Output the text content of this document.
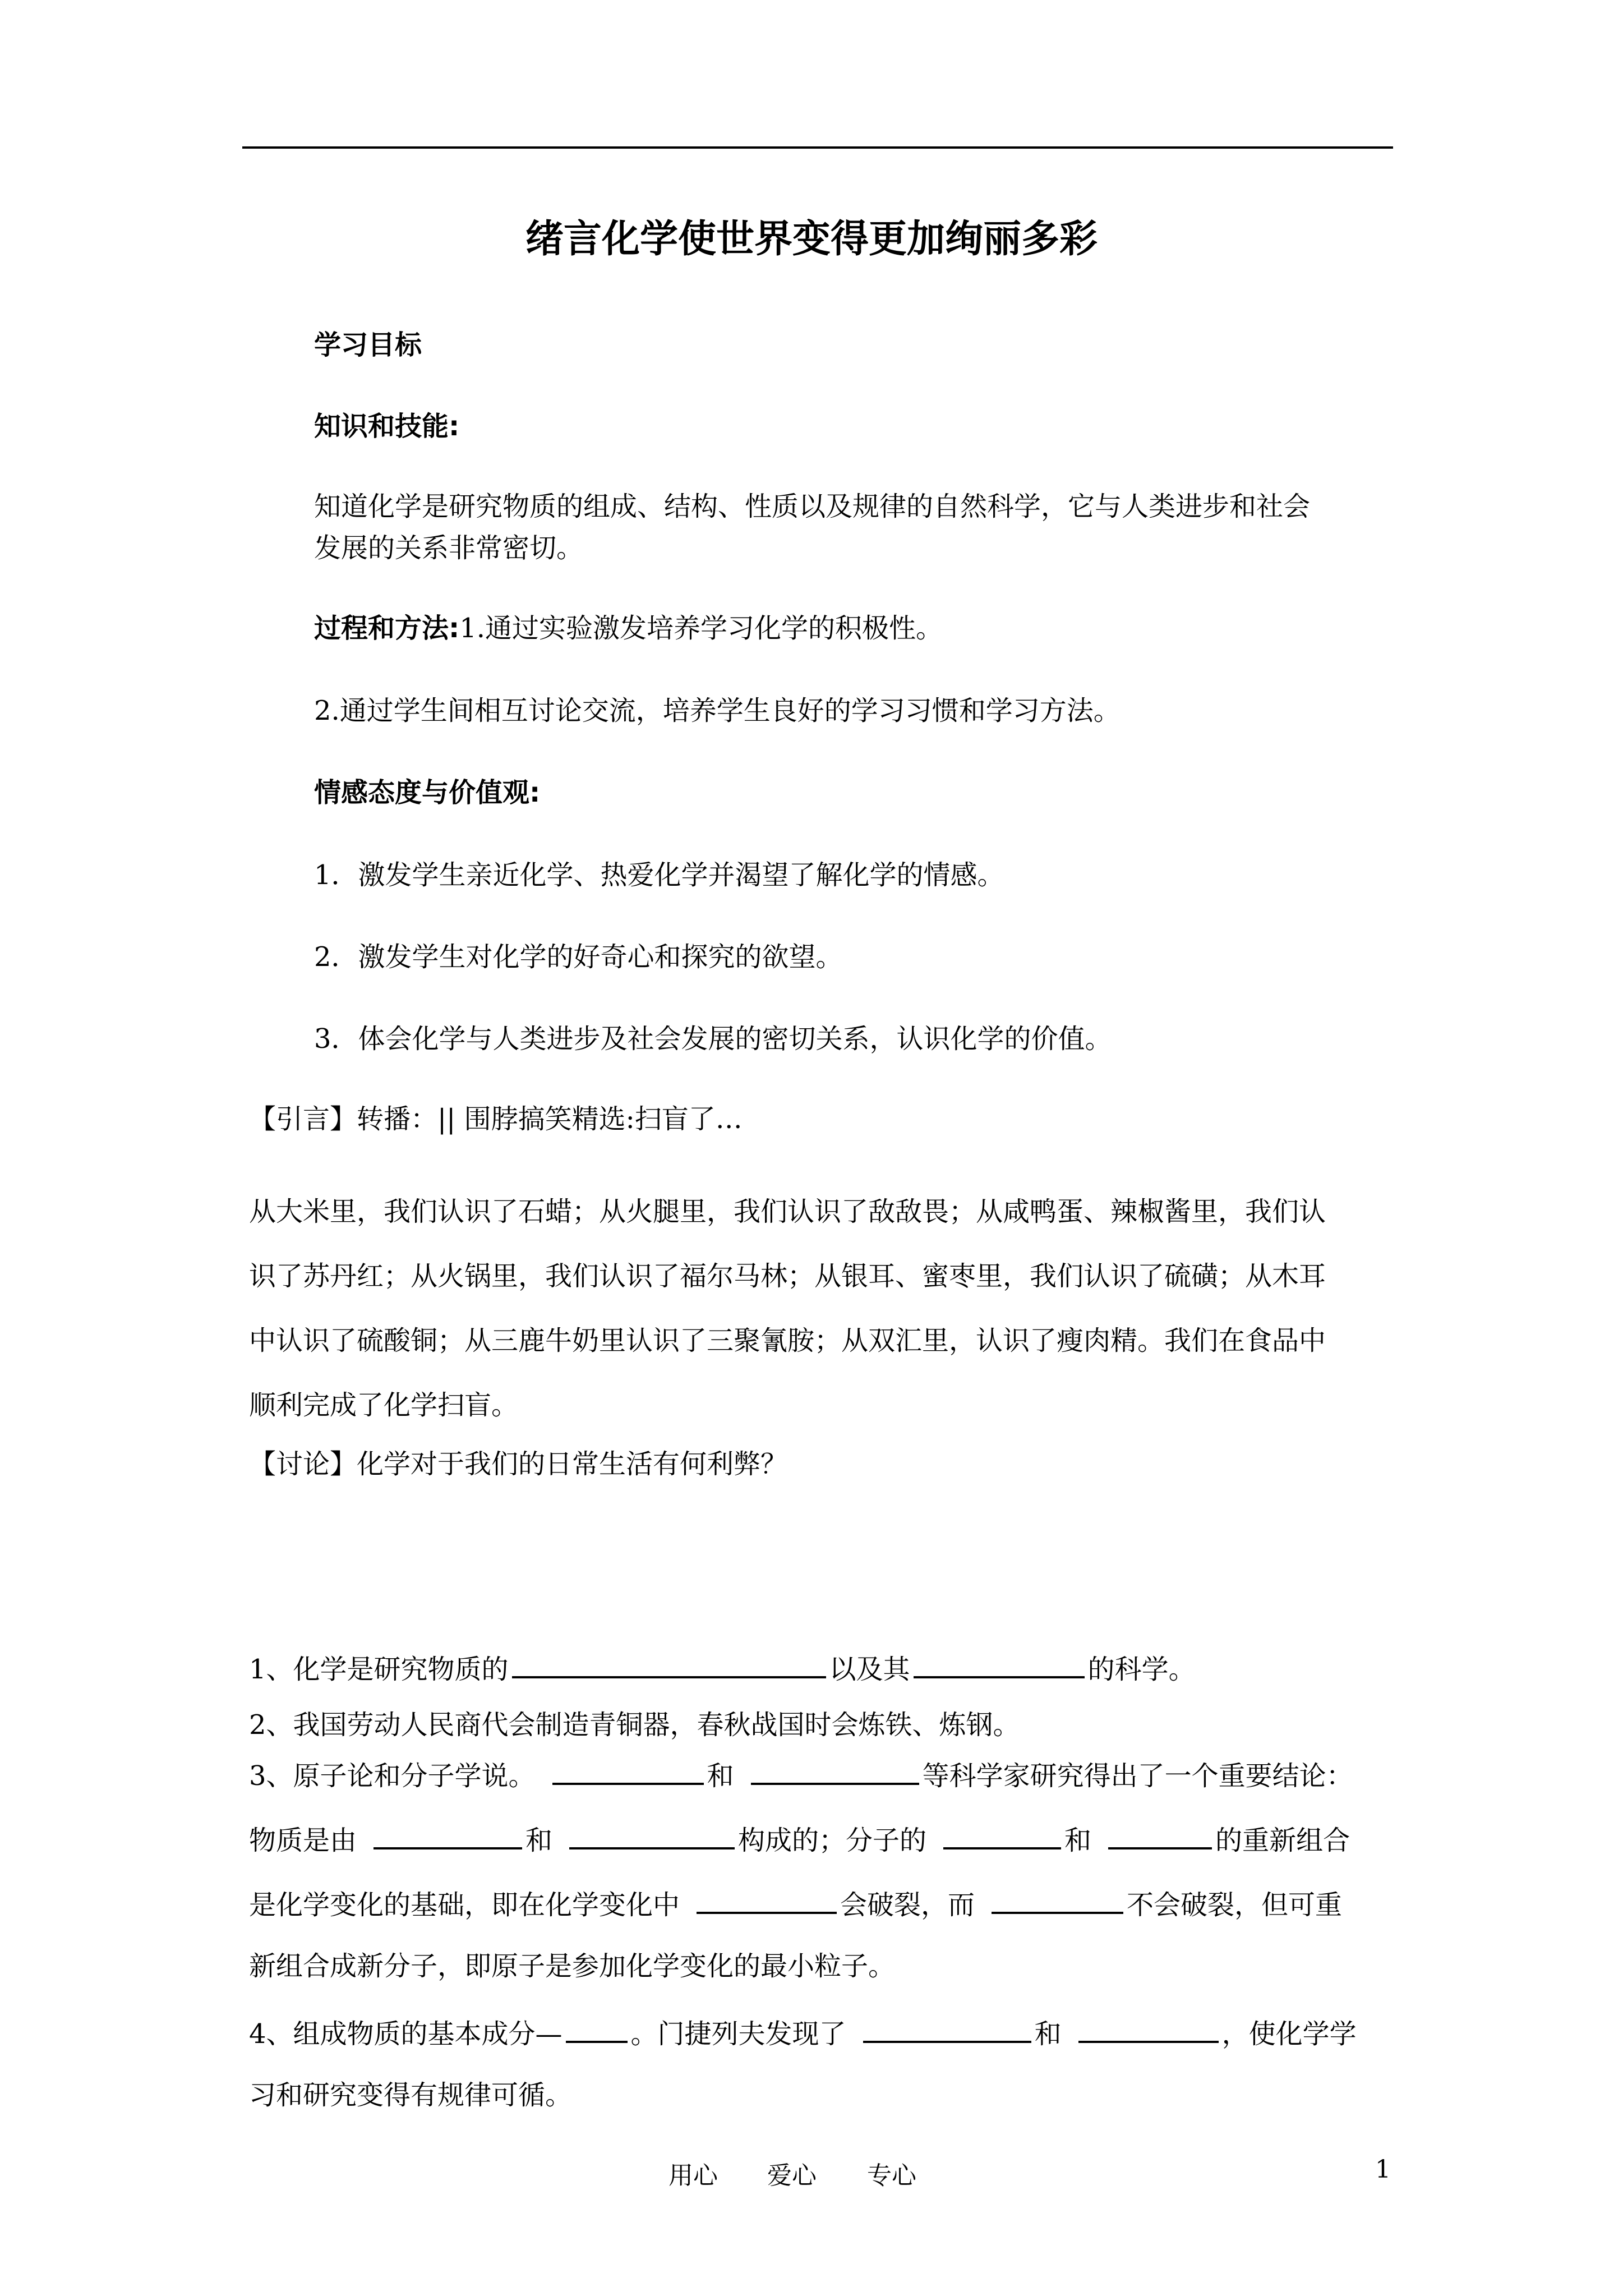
绪言化学使世界变得更加绚丽多彩
学习目标
知识和技能:
知道化学是研究物质的组成、结构、性质以及规律的自然科学，它与人类进步和社会
发展的关系非常密切。
过程和方法:1.通过实验激发培养学习化学的积极性。
2.通过学生间相互讨论交流，培养学生良好的学习习惯和学习方法。
情感态度与价值观:
1．激发学生亲近化学、热爱化学并渴望了解化学的情感。
2．激发学生对化学的好奇心和探究的欲望。
3．体会化学与人类进步及社会发展的密切关系，认识化学的价值。
【引言】转播：|| 围脖搞笑精选:扫盲了…
从大米里，我们认识了石蜡；从火腿里，我们认识了敌敌畏；从咸鸭蛋、辣椒酱里，我们认
识了苏丹红；从火锅里，我们认识了福尔马林；从银耳、蜜枣里，我们认识了硫磺；从木耳
中认识了硫酸铜；从三鹿牛奶里认识了三聚氰胺；从双汇里，认识了瘦肉精。我们在食品中
顺利完成了化学扫盲。
【讨论】化学对于我们的日常生活有何利弊？
1、化学是研究物质的	以及其	的科学。
2、我国劳动人民商代会制造青铜器，春秋战国时会炼铁、炼钢。
3、原子论和分子学说。	和	等科学家研究得出了一个重要结论：
物质是由	和	构成的；分子的	和	的重新组合
是化学变化的基础，即在化学变化中	会破裂，而	不会破裂，但可重
新组合成新分子，即原子是参加化学变化的最小粒子。
4、组成物质的基本成分—	。门捷列夫发现了	和	，使化学学
习和研究变得有规律可循。
用心 爱心 专心	1
